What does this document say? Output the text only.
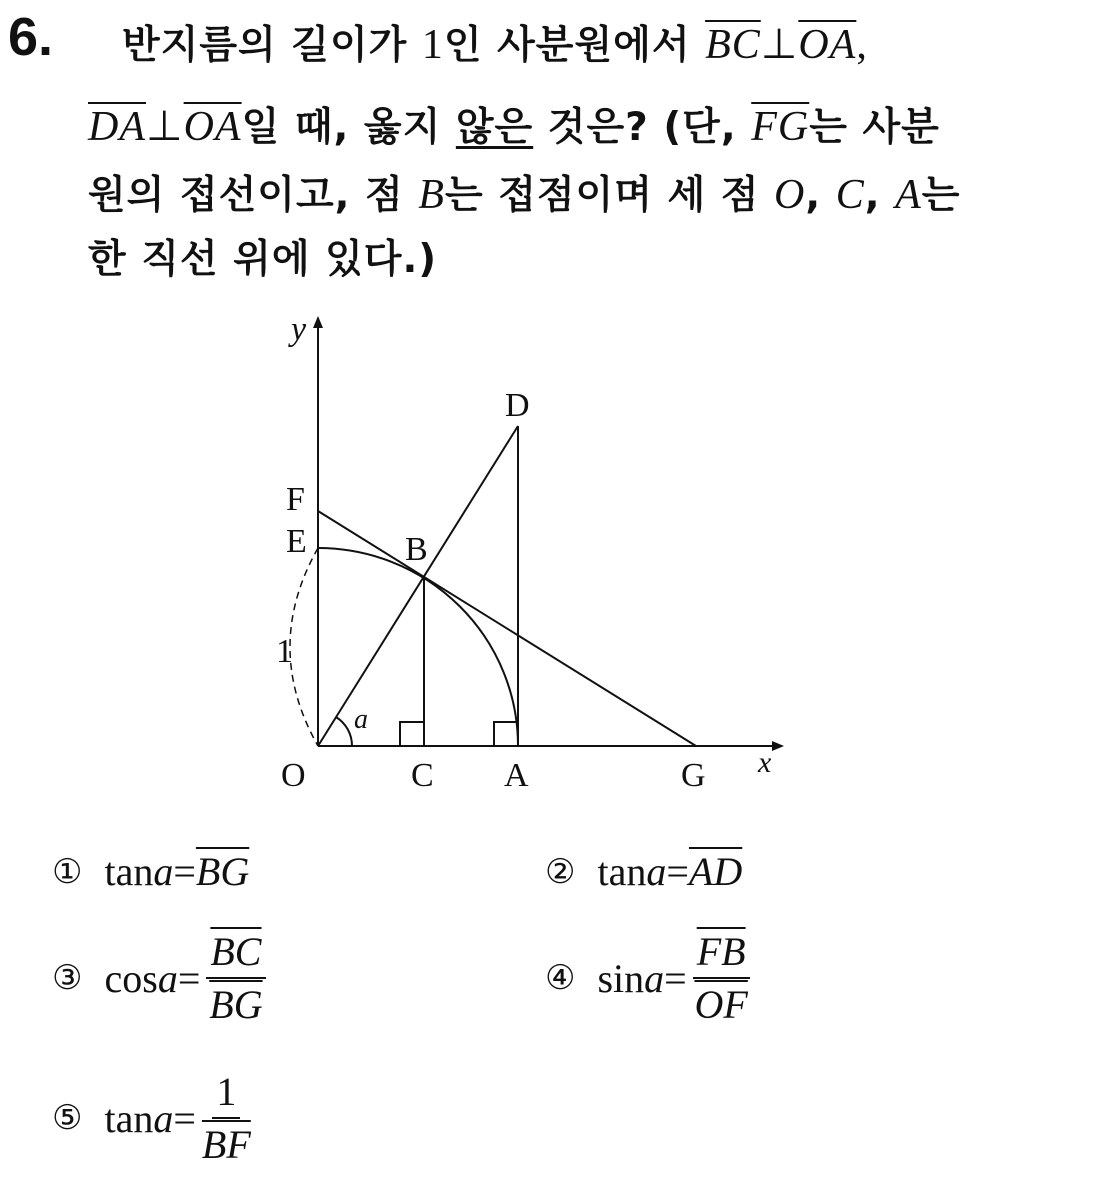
6. 반지름의 길이가 1인 사분원에서 $\overline{BC}\perp\overline{OA}$,
$\overline{DA}\perp\overline{OA}$일 때, 옳지 않은 것은? (단, $\overline{FG}$는 사분
원의 접선이고, 점 B는 접점이며 세 점 O, C, A는
한 직선 위에 있다.)
y
x
O	C A	G
D
F
E	B
1
a
① $\tan a = \overline{BG}$	② $\tan a = \overline{AD}$
③ $\cos a = \frac{\overline{BC}}{BG}$	④ $\sin a = \frac{\overline{FB}}{OF}$
⑤ $\tan a = \frac{1}{BF}$
